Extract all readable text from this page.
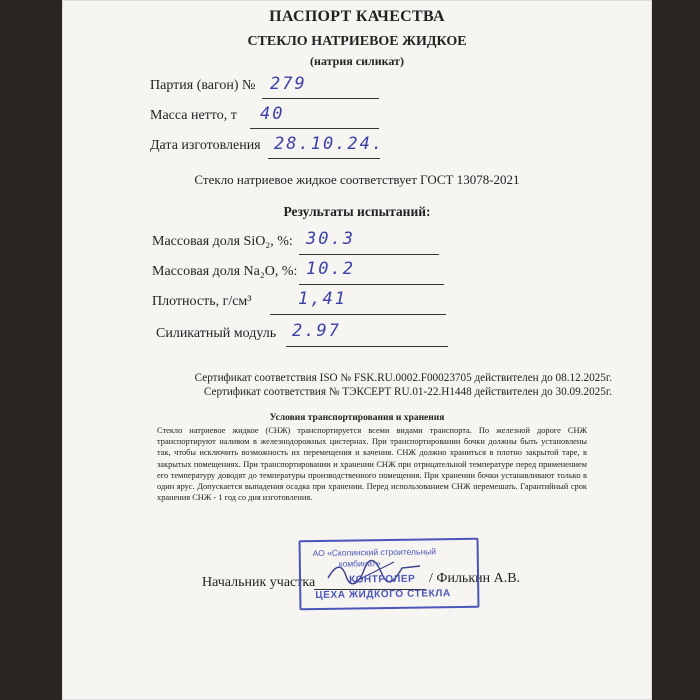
ПАСПОРТ КАЧЕСТВА
СТЕКЛО НАТРИЕВОЕ ЖИДКОЕ
(натрия силикат)
Партия (вагон) № 279
Масса нетто, т 40
Дата изготовления 28.10.24.
Стекло натриевое жидкое соответствует ГОСТ 13078-2021
Результаты испытаний:
Массовая доля SiO₂, %: 30.3
Массовая доля Na₂O, %: 10.2
Плотность, г/см³	1,41
Силикатный модуль 2.97
Сертификат соответствия ISO № FSK.RU.0002.F00023705 действителен до 08.12.2025г.
Сертификат соответствия № ТЭКСЕРТ RU.01-22.H1448 действителен до 30.09.2025г.
Условия транспортирования и хранения
Стекло натриевое жидкое (СНЖ) транспортируется всеми видами транспорта. По железной дороге СНЖ транспортируют наливом в железнодорожных цистернах. При транспортировании бочки должны быть установлены так, чтобы исключить возможность их перемещения и качения. СНЖ должно храниться в плотно закрытой таре, в закрытых помещениях. При транспортировании и хранении СНЖ при отрицательной температуре перед применением его температуру доводят до температуры производственного помещения. При хранении бочки устанавливают только в один ярус. Допускается выпадения осадка при хранении. Перед использованием СНЖ перемешать. Гарантийный срок хранения СНЖ - 1 год со дня изготовления.
Начальник участка	/ Филькин А.В.
АО «Скопинский строительный
комбинат»
КОНТРОЛЕР
ЦЕХА ЖИДКОГО СТЕКЛА
